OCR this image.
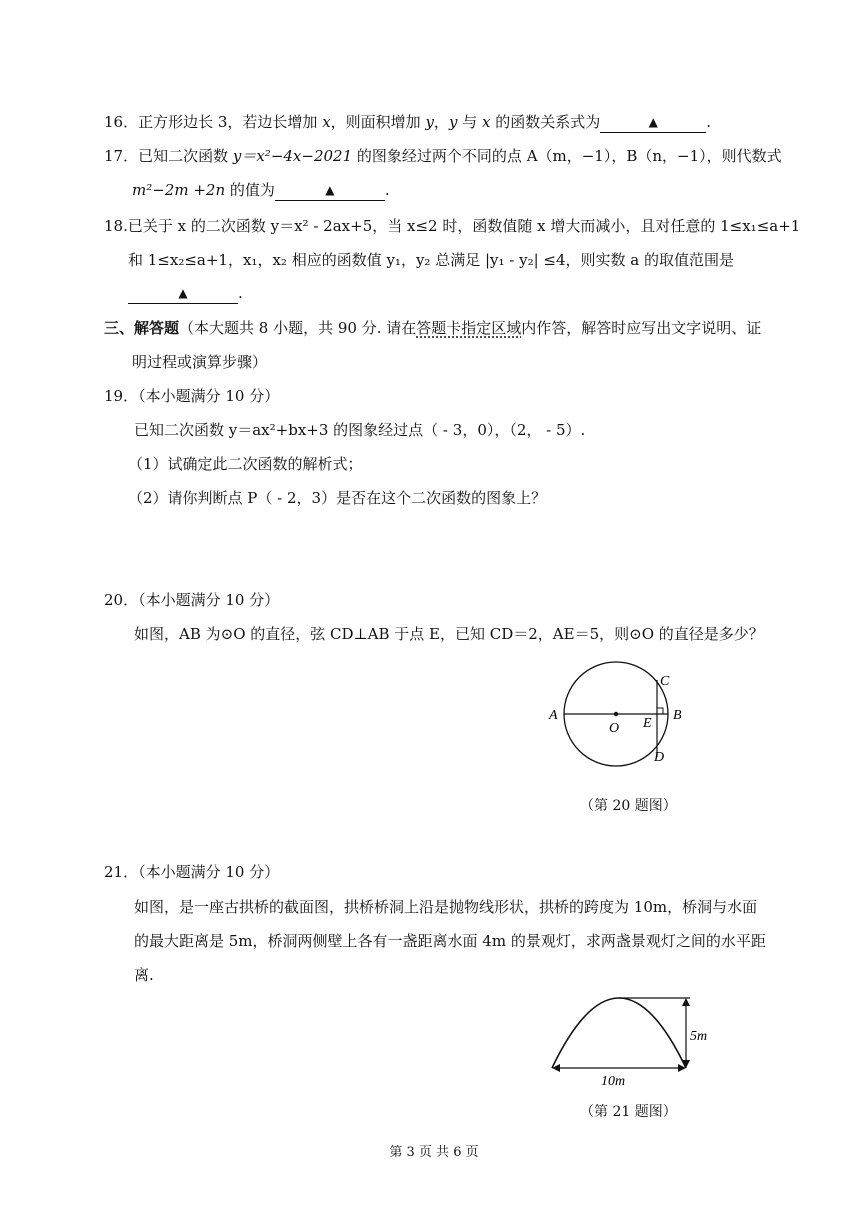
16．正方形边长 3，若边长增加 x，则面积增加 y，y 与 x 的函数关系式为	▲	.
17．已知二次函数 y＝x²−4x−2021 的图象经过两个不同的点 A（m，−1），B（n，−1），则代数式
m²−2m +2n 的值为	▲	.
18.已关于 x 的二次函数 y＝x² - 2ax+5，当 x≤2 时，函数值随 x 增大而减小，且对任意的 1≤x₁≤a+1
和 1≤x₂≤a+1，x₁，x₂ 相应的函数值 y₁，y₂ 总满足 |y₁ - y₂| ≤4，则实数 a 的取值范围是
▲	.
三、解答题（本大题共 8 小题，共 90 分. 请在答题卡指定区域内作答，解答时应写出文字说明、证
明过程或演算步骤）
19．（本小题满分 10 分）
已知二次函数 y＝ax²+bx+3 的图象经过点（ - 3，0），（2， - 5）.
（1）试确定此二次函数的解析式；
（2）请你判断点 P（ - 2，3）是否在这个二次函数的图象上？
20．（本小题满分 10 分）
如图，AB 为⊙O 的直径，弦 CD⊥AB 于点 E，已知 CD＝2，AE＝5，则⊙O 的直径是多少？
A	B
C
D
E
O
（第 20 题图）
21．（本小题满分 10 分）
如图，是一座古拱桥的截面图，拱桥桥洞上沿是抛物线形状，拱桥的跨度为 10m，桥洞与水面
的最大距离是 5m，桥洞两侧壁上各有一盏距离水面 4m 的景观灯，求两盏景观灯之间的水平距
离.
5m
10m
（第 21 题图）
第 3 页 共 6 页
